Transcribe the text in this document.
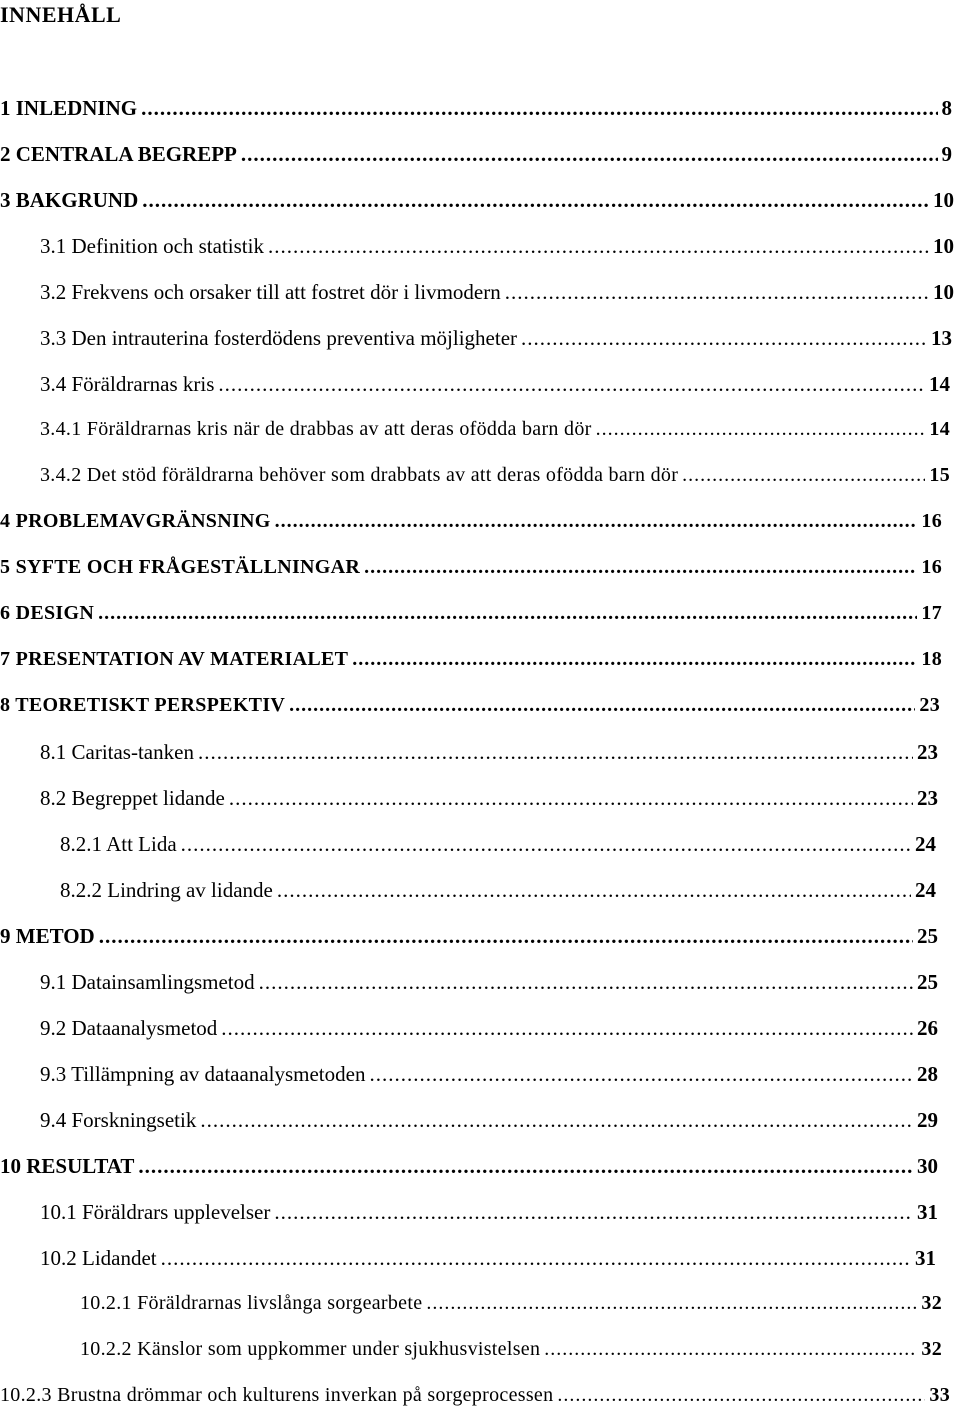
INNEHÅLL
1 INLEDNING .....	8
2 CENTRALA BEGREPP .....	9
3 BAKGRUND .....	10
3.1 Definition och statistik .....	10
3.2 Frekvens och orsaker till att fostret dör i livmodern .....	10
3.3 Den intrauterina fosterdödens preventiva möjligheter .....	13
3.4 Föräldrarnas kris .....	14
3.4.1 Föräldrarnas kris när de drabbas av att deras ofödda barn dör .....	14
3.4.2 Det stöd föräldrarna behöver som drabbats av att deras ofödda barn dör .....	15
4 PROBLEMAVGRÄNSNING .....	16
5 SYFTE OCH FRÅGESTÄLLNINGAR .....	16
6 DESIGN .....	17
7 PRESENTATION AV MATERIALET .....	18
8 TEORETISKT PERSPEKTIV .....	23
8.1 Caritas-tanken .....	23
8.2 Begreppet lidande .....	23
8.2.1 Att Lida .....	24
8.2.2 Lindring av lidande .....	24
9 METOD .....	25
9.1 Datainsamlingsmetod .....	25
9.2 Dataanalysmetod .....	26
9.3 Tillämpning av dataanalysmetoden .....	28
9.4 Forskningsetik .....	29
10 RESULTAT .....	30
10.1 Föräldrars upplevelser .....	31
10.2 Lidandet .....	31
10.2.1 Föräldrarnas livslånga sorgearbete .....	32
10.2.2 Känslor som uppkommer under sjukhusvistelsen .....	32
10.2.3 Brustna drömmar och kulturens inverkan på sorgeprocessen .....	33
